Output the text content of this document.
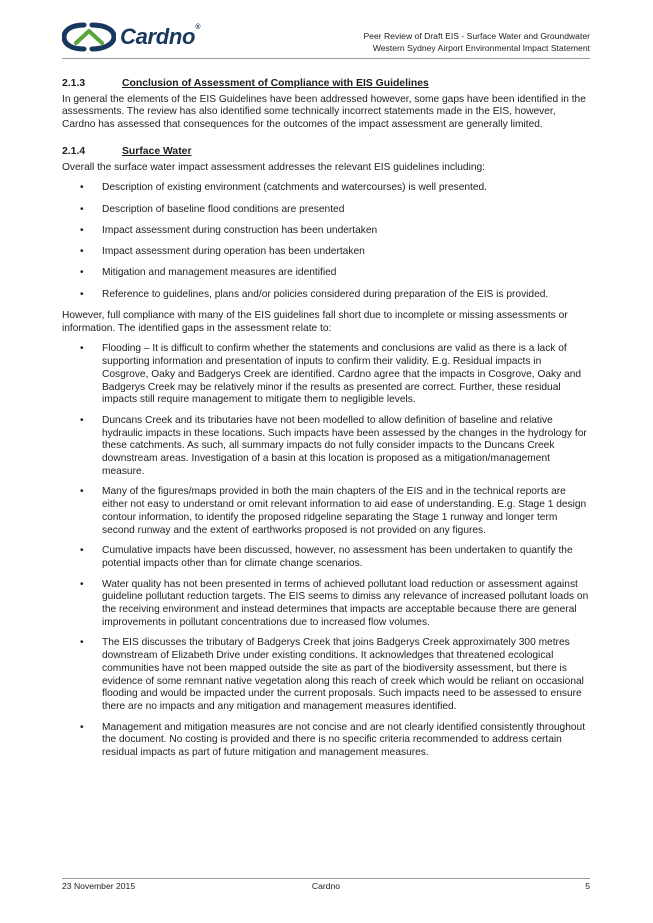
Cardno®
Peer Review of Draft EIS - Surface Water and Groundwater
Western Sydney Airport Environmental Impact Statement
2.1.3	Conclusion of Assessment of Compliance with EIS Guidelines

In general the elements of the EIS Guidelines have been addressed however, some gaps have been identified in the assessments. The review has also identified some technically incorrect statements made in the EIS, however, Cardno has assessed that consequences for the outcomes of the impact assessment are generally limited.

2.1.4	Surface Water

Overall the surface water impact assessment addresses the relevant EIS guidelines including:

• Description of existing environment (catchments and watercourses) is well presented.
• Description of baseline flood conditions are presented
• Impact assessment during construction has been undertaken
• Impact assessment during operation has been undertaken
• Mitigation and management measures are identified
• Reference to guidelines, plans and/or policies considered during preparation of the EIS is provided.

However, full compliance with many of the EIS guidelines fall short due to incomplete or missing assessments or information. The identified gaps in the assessment relate to:

• Flooding – It is difficult to confirm whether the statements and conclusions are valid as there is a lack of supporting information and presentation of inputs to confirm their validity. E.g. Residual impacts in Cosgrove, Oaky and Badgerys Creek are identified. Cardno agree that the impacts in Cosgrove, Oaky and Badgerys Creek may be relatively minor if the results as presented are correct. Further, these residual impacts still require management to mitigate them to negligible levels.
• Duncans Creek and its tributaries have not been modelled to allow definition of baseline and relative hydraulic impacts in these locations. Such impacts have been assessed by the changes in the hydrology for these catchments. As such, all summary impacts do not fully consider impacts to the Duncans Creek downstream areas. Investigation of a basin at this location is proposed as a mitigation/management measure.
• Many of the figures/maps provided in both the main chapters of the EIS and in the technical reports are either not easy to understand or omit relevant information to aid ease of understanding. E.g. Stage 1 design contour information, to identify the proposed ridgeline separating the Stage 1 runway and longer term second runway and the extent of earthworks proposed is not provided on any figures.
• Cumulative impacts have been discussed, however, no assessment has been undertaken to quantify the potential impacts other than for climate change scenarios.
• Water quality has not been presented in terms of achieved pollutant load reduction or assessment against guideline pollutant reduction targets. The EIS seems to dimiss any relevance of increased pollutant loads on the receiving environment and instead determines that impacts are acceptable because there are general improvements in pollutant concentrations due to increased flow volumes.
• The EIS discusses the tributary of Badgerys Creek that joins Badgerys Creek approximately 300 metres downstream of Elizabeth Drive under existing conditions. It acknowledges that threatened ecological communities have not been mapped outside the site as part of the biodiversity assessment, but there is evidence of some remnant native vegetation along this reach of creek which would be reliant on occasional flooding and would be impacted under the current proposals. Such impacts need to be assessed to ensure there are no impacts and any mitigation and management measures identified.
• Management and mitigation measures are not concise and are not clearly identified consistently throughout the document. No costing is provided and there is no specific criteria recommended to address certain residual impacts as part of future mitigation and management measures.
23 November 2015	Cardno	5
